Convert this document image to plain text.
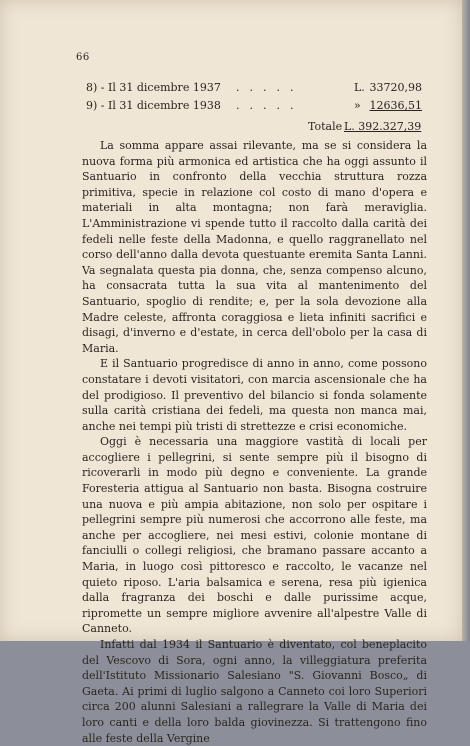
66
8) - Il 31 dicembre 1937 .....	L. 33720,98
9) - Il 31 dicembre 1938 .....	» 12636,51
Totale L. 392.327,39

La somma appare assai rilevante, ma se si considera la nuova forma più armonica ed artistica che ha oggi assunto il Santuario in confronto della vecchia struttura rozza primitiva, specie in relazione col costo di mano d'opera e materiali in alta montagna; non farà meraviglia. L'Amministrazione vi spende tutto il raccolto dalla carità dei fedeli nelle feste della Madonna, e quello raggranellato nel corso dell'anno dalla devota questuante eremita Santa Lanni. Va segnalata questa pia donna, che, senza compenso alcuno, ha consacrata tutta la sua vita al mantenimento del Santuario, spoglio di rendite; e, per la sola devozione alla Madre celeste, affronta coraggiosa e lieta infiniti sacrifici e disagi, d'inverno e d'estate, in cerca dell'obolo per la casa di Maria.

E il Santuario progredisce di anno in anno, come possono constatare i devoti visitatori, con marcia ascensionale che ha del prodigioso. Il preventivo del bilancio si fonda solamente sulla carità cristiana dei fedeli, ma questa non manca mai, anche nei tempi più tristi di strettezze e crisi economiche.

Oggi è necessaria una maggiore vastità di locali per accogliere i pellegrini, si sente sempre più il bisogno di ricoverarli in modo più degno e conveniente. La grande Foresteria attigua al Santuario non basta. Bisogna costruire una nuova e più ampia abitazione, non solo per ospitare i pellegrini sempre più numerosi che accorrono alle feste, ma anche per accogliere, nei mesi estivi, colonie montane di fanciulli o collegi religiosi, che bramano passare accanto a Maria, in luogo così pittoresco e raccolto, le vacanze nel quieto riposo. L'aria balsamica e serena, resa più igienica dalla fragranza dei boschi e dalle purissime acque, ripromette un sempre migliore avvenire all'alpestre Valle di Canneto.

Infatti dal 1934 il Santuario è diventato, col beneplacito del Vescovo di Sora, ogni anno, la villeggiatura preferita dell'Istituto Missionario Salesiano "S. Giovanni Bosco„ di Gaeta. Ai primi di luglio salgono a Canneto coi loro Superiori circa 200 alunni Salesiani a rallegrare la Valle di Maria dei loro canti e della loro balda giovinezza. Si trattengono fino alle feste della Vergine
